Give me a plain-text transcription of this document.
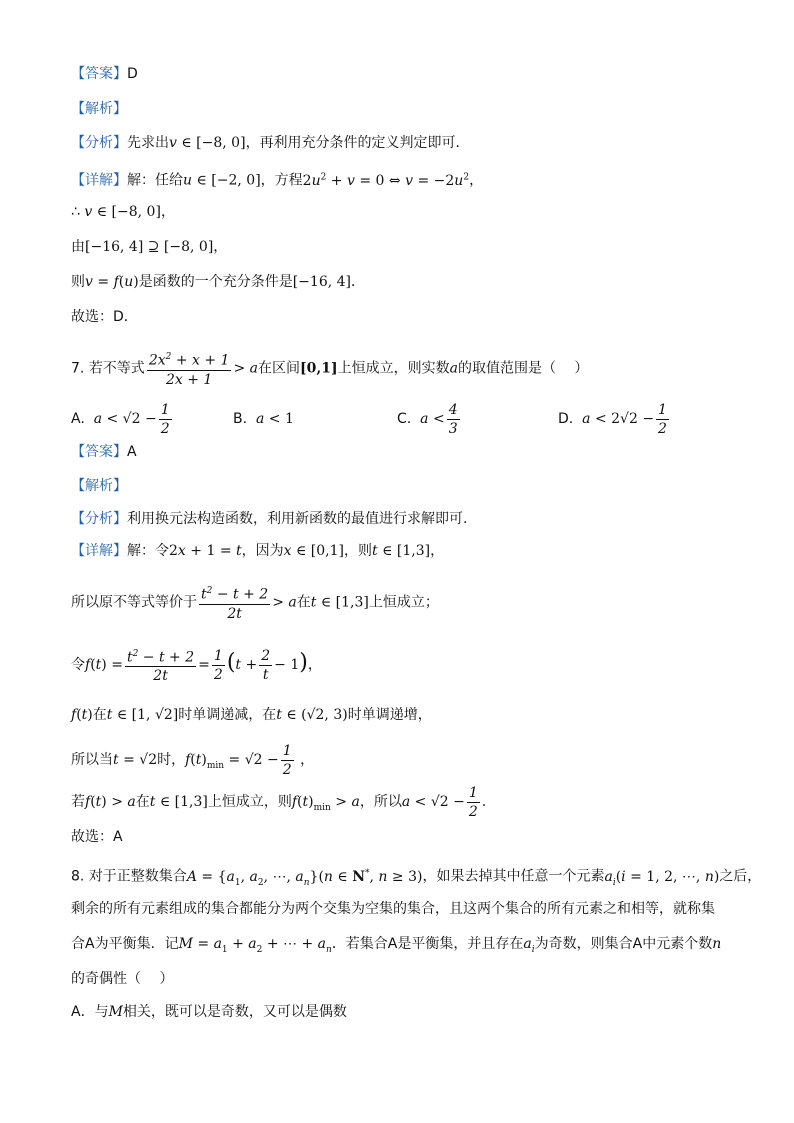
【答案】D
【解析】
【分析】先求出v ∈ [−8, 0]，再利用充分条件的定义判定即可．
【详解】解：任给u ∈ [−2, 0]，方程$2u^2 + v = 0$ ⇔ $v = -2u^2$，
∴ v ∈ [−8, 0]，
由[−16, 4] ⊇ [−8, 0]，
则v = f(u)是函数的一个充分条件是[−16, 4]．
故选：D．
7. 若不等式 $\frac{2x^2 + x + 1}{2x + 1} > a$在区间[0,1]上恒成立，则实数a的取值范围是（　 ）
A. $a < √2 - \frac{1}{2}$	B. a < 1	C. $a < \frac{4}{3}$	D. $a < 2√2 - \frac{1}{2}$
【答案】A
【解析】
【分析】利用换元法构造函数，利用新函数的最值进行求解即可.
【详解】解：令2x + 1 = t，因为x ∈ [0,1]，则t ∈ [1,3]，
所以原不等式等价于 $\frac{t^2 - t + 2}{2t} > a$在t ∈ [1,3]上恒成立；
令$f(t) = \frac{t^2 - t + 2}{2t} = \frac{1}{2} (t + \frac{2}{t} - 1)$，
f(t)在t ∈ [1, √2]时单调递减，在t ∈ (√2, 3)时单调递增，
所以当t = √2时，$f(t)_{min} = √2 - \frac{1}{2}$ ，
若f(t) > a在t ∈ [1,3]上恒成立，则$f(t)_{min} > a$，所以$a < √2 - \frac{1}{2}$ .
故选：A
8. 对于正整数集合$A = \{a_1$, $a_2$, ⋯, $a_n\}(n$ ∈ N*, n ≥ 3)，如果去掉其中任意一个元素$a_i(i = 1$, 2, ⋯, n)之后，
剩余的所有元素组成的集合都能分为两个交集为空集的集合，且这两个集合的所有元素之和相等，就称集
合A为平衡集．记$M = a_1 + a_2$ + ⋯ + $a_n$．若集合A是平衡集，并且存在$a_i$为奇数，则集合A中元素个数n
的奇偶性（　 ）
A．与M相关，既可以是奇数，又可以是偶数
